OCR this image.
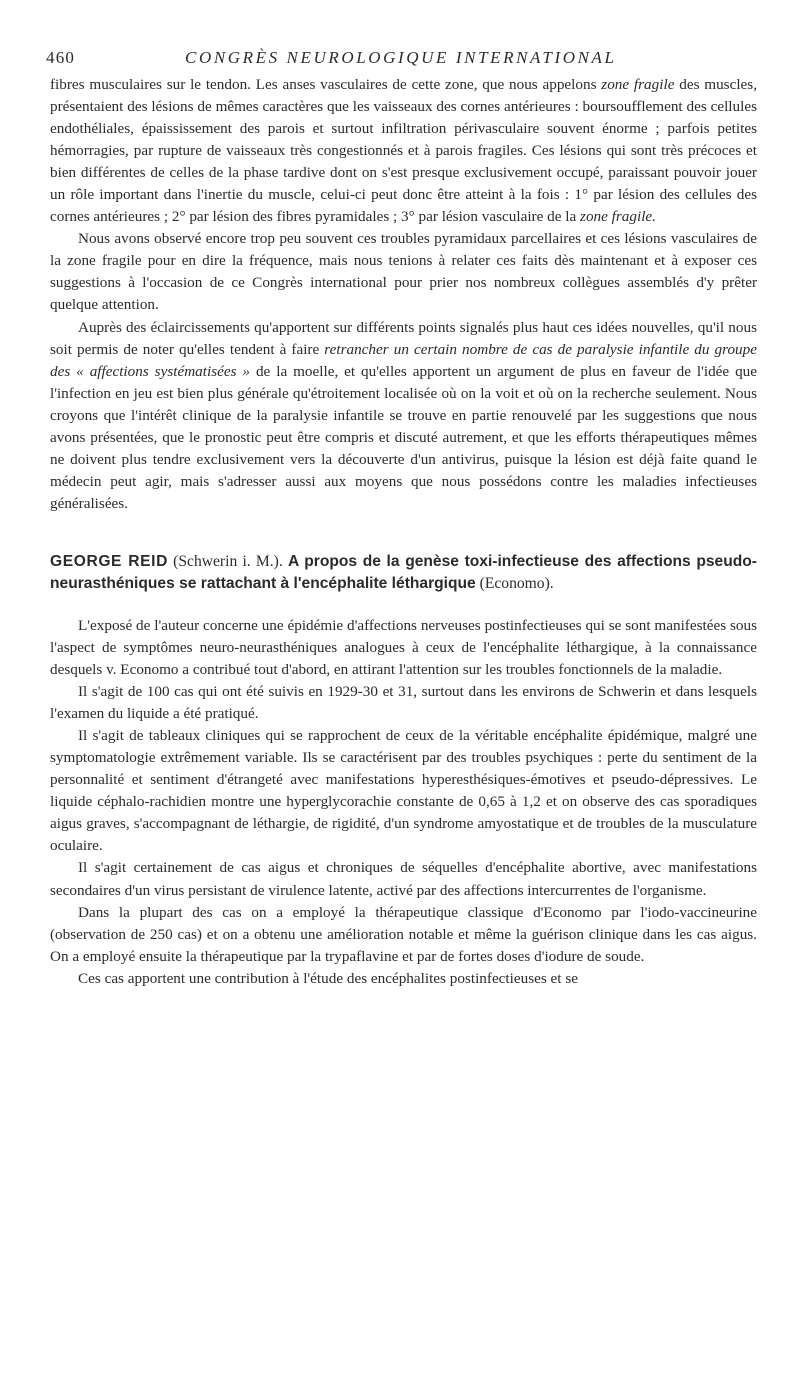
460	CONGRÈS NEUROLOGIQUE INTERNATIONAL

fibres musculaires sur le tendon. Les anses vasculaires de cette zone, que nous appelons zone fragile des muscles, présentaient des lésions de mêmes caractères que les vaisseaux des cornes antérieures : boursoufflement des cellules endothéliales, épaississement des parois et surtout infiltration périvasculaire souvent énorme ; parfois petites hémorragies, par rupture de vaisseaux très congestionnés et à parois fragiles. Ces lésions qui sont très précoces et bien différentes de celles de la phase tardive dont on s'est presque exclusivement occupé, paraissant pouvoir jouer un rôle important dans l'inertie du muscle, celui-ci peut donc être atteint à la fois : 1° par lésion des cellules des cornes antérieures ; 2° par lésion des fibres pyramidales ; 3° par lésion vasculaire de la zone fragile.

Nous avons observé encore trop peu souvent ces troubles pyramidaux parcellaires et ces lésions vasculaires de la zone fragile pour en dire la fréquence, mais nous tenions à relater ces faits dès maintenant et à exposer ces suggestions à l'occasion de ce Congrès international pour prier nos nombreux collègues assemblés d'y prêter quelque attention.

Auprès des éclaircissements qu'apportent sur différents points signalés plus haut ces idées nouvelles, qu'il nous soit permis de noter qu'elles tendent à faire retrancher un certain nombre de cas de paralysie infantile du groupe des « affections systématisées » de la moelle, et qu'elles apportent un argument de plus en faveur de l'idée que l'infection en jeu est bien plus générale qu'étroitement localisée où on la voit et où on la recherche seulement. Nous croyons que l'intérêt clinique de la paralysie infantile se trouve en partie renouvelé par les suggestions que nous avons présentées, que le pronostic peut être compris et discuté autrement, et que les efforts thérapeutiques mêmes ne doivent plus tendre exclusivement vers la découverte d'un antivirus, puisque la lésion est déjà faite quand le médecin peut agir, mais s'adresser aussi aux moyens que nous possédons contre les maladies infectieuses généralisées.

GEORGE REID (Schwerin i. M.). A propos de la genèse toxi-infectieuse des affections pseudo-neurasthéniques se rattachant à l'encéphalite léthargique (Economo).

L'exposé de l'auteur concerne une épidémie d'affections nerveuses postinfectieuses qui se sont manifestées sous l'aspect de symptômes neuro-neurasthéniques analogues à ceux de l'encéphalite léthargique, à la connaissance desquels v. Economo a contribué tout d'abord, en attirant l'attention sur les troubles fonctionnels de la maladie.

Il s'agit de 100 cas qui ont été suivis en 1929-30 et 31, surtout dans les environs de Schwerin et dans lesquels l'examen du liquide a été pratiqué.

Il s'agit de tableaux cliniques qui se rapprochent de ceux de la véritable encéphalite épidémique, malgré une symptomatologie extrêmement variable. Ils se caractérisent par des troubles psychiques : perte du sentiment de la personnalité et sentiment d'étrangeté avec manifestations hyperesthésiques-émotives et pseudo-dépressives. Le liquide céphalo-rachidien montre une hyperglycorachie constante de 0,65 à 1,2 et on observe des cas sporadiques aigus graves, s'accompagnant de léthargie, de rigidité, d'un syndrome amyostatique et de troubles de la musculature oculaire.

Il s'agit certainement de cas aigus et chroniques de séquelles d'encéphalite abortive, avec manifestations secondaires d'un virus persistant de virulence latente, activé par des affections intercurrentes de l'organisme.

Dans la plupart des cas on a employé la thérapeutique classique d'Economo par l'iodo-vaccineurine (observation de 250 cas) et on a obtenu une amélioration notable et même la guérison clinique dans les cas aigus. On a employé ensuite la thérapeutique par la trypaflavine et par de fortes doses d'iodure de soude.

Ces cas apportent une contribution à l'étude des encéphalites postinfectieuses et se
